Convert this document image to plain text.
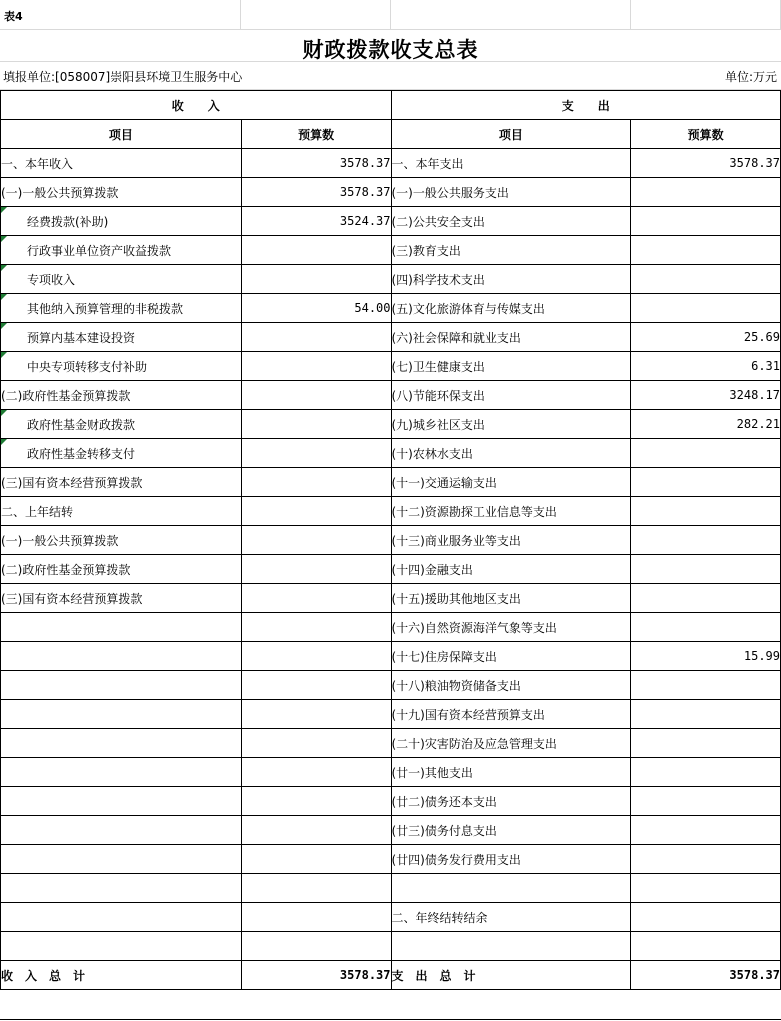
表4
财政拨款收支总表
填报单位:[058007]崇阳县环境卫生服务中心	单位:万元
收　　入		支　　出	
项目	预算数	项目	预算数
一、本年收入	3578.37	一、本年支出	3578.37
(一)一般公共预算拨款	3578.37	(一)一般公共服务支出	

经费拨款(补助)	3524.37	(二)公共安全支出	

行政事业单位资产收益拨款		(三)教育支出	

专项收入		(四)科学技术支出	

其他纳入预算管理的非税拨款	54.00	(五)文化旅游体育与传媒支出	

预算内基本建设投资		(六)社会保障和就业支出	25.69

中央专项转移支付补助		(七)卫生健康支出	6.31
(二)政府性基金预算拨款		(八)节能环保支出	3248.17

政府性基金财政拨款		(九)城乡社区支出	282.21

政府性基金转移支付		(十)农林水支出	
(三)国有资本经营预算拨款		(十一)交通运输支出	
二、上年结转		(十二)资源勘探工业信息等支出	
(一)一般公共预算拨款		(十三)商业服务业等支出	
(二)政府性基金预算拨款		(十四)金融支出	
(三)国有资本经营预算拨款		(十五)援助其他地区支出	
		(十六)自然资源海洋气象等支出	
		(十七)住房保障支出	15.99
		(十八)粮油物资储备支出	
		(十九)国有资本经营预算支出	
		(二十)灾害防治及应急管理支出	
		(廿一)其他支出	
		(廿二)债务还本支出	
		(廿三)债务付息支出	
		(廿四)债务发行费用支出	

		二、年终结转结余	

收　入　总　计	3578.37	支　出　总　计	3578.37
